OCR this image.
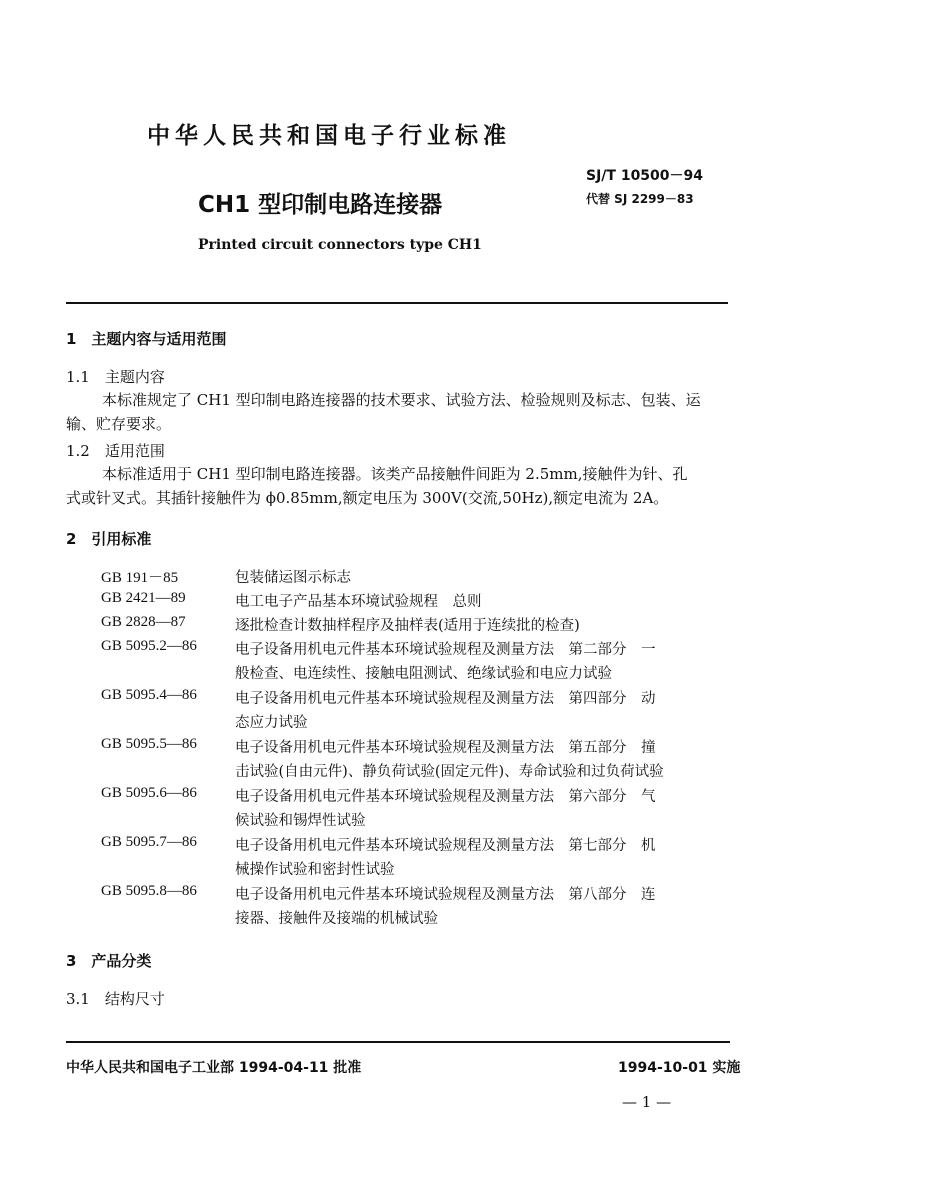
中华人民共和国电子行业标准
SJ/T 10500－94
代替 SJ 2299－83
CH1 型印制电路连接器
Printed circuit connectors type CH1
1　主题内容与适用范围
1.1　主题内容
本标准规定了 CH1 型印制电路连接器的技术要求、试验方法、检验规则及标志、包装、运
输、贮存要求。
1.2　适用范围
本标准适用于 CH1 型印制电路连接器。该类产品接触件间距为 2.5mm,接触件为针、孔
式或针叉式。其插针接触件为 ϕ0.85mm,额定电压为 300V(交流,50Hz),额定电流为 2A。
2　引用标准
GB 191－85	包装储运图示标志
GB 2421—89	电工电子产品基本环境试验规程　总则
GB 2828—87	逐批检查计数抽样程序及抽样表(适用于连续批的检查)
GB 5095.2—86	电子设备用机电元件基本环境试验规程及测量方法　第二部分　一
般检查、电连续性、接触电阻测试、绝缘试验和电应力试验
GB 5095.4—86	电子设备用机电元件基本环境试验规程及测量方法　第四部分　动
态应力试验
GB 5095.5—86	电子设备用机电元件基本环境试验规程及测量方法　第五部分　撞
击试验(自由元件)、静负荷试验(固定元件)、寿命试验和过负荷试验
GB 5095.6—86	电子设备用机电元件基本环境试验规程及测量方法　第六部分　气
候试验和锡焊性试验
GB 5095.7—86	电子设备用机电元件基本环境试验规程及测量方法　第七部分　机
械操作试验和密封性试验
GB 5095.8—86	电子设备用机电元件基本环境试验规程及测量方法　第八部分　连
接器、接触件及接端的机械试验
3　产品分类
3.1　结构尺寸
中华人民共和国电子工业部 1994-04-11 批准	1994-10-01 实施
— 1 —
